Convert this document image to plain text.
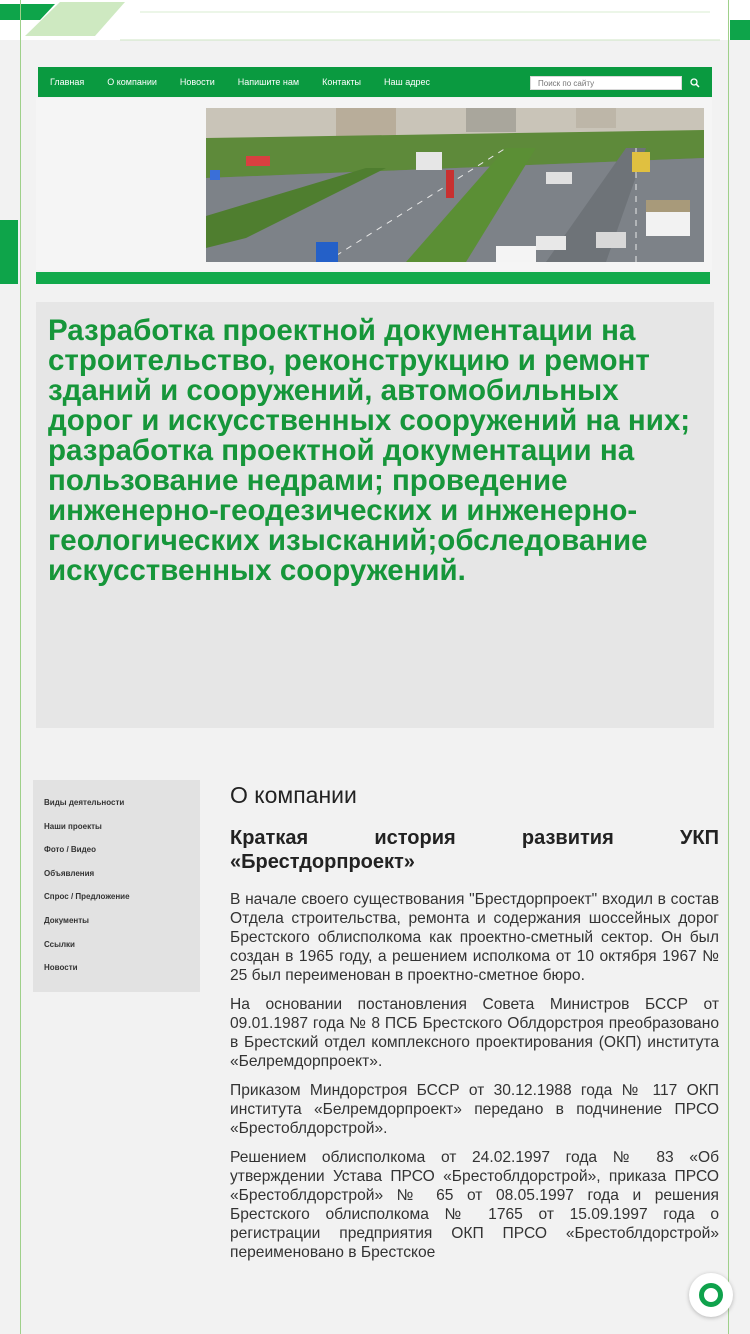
Главная	О компании	Новости	Напишите нам	Контакты	Наш адрес
Поиск по сайту
Разработка проектной документации на строительство, реконструкцию и ремонт зданий и сооружений, автомобильных дорог и искусственных сооружений на них; разработка проектной документации на пользование недрами; проведение инженерно-геодезических и инженерно-геологических изысканий;обследование искусственных сооружений.
Виды деятельности
Наши проекты
Фото / Видео
Объявления
Спрос / Предложение
Документы
Ссылки
Новости
О компании
Краткая история развития УКП
«Брестдорпроект»

В начале своего существования "Брестдорпроект" входил в состав Отдела строительства, ремонта и содержания шоссейных дорог Брестского облисполкома как проектно-сметный сектор. Он был создан в 1965 году, а решением исполкома от 10 октября 1967 № 25 был переименован в проектно-сметное бюро.

На основании постановления Совета Министров БССР от 09.01.1987 года № 8 ПСБ Брестского Облдорстроя преобразовано в Брестский отдел комплексного проектирования (ОКП) института «Белремдорпроект».

Приказом Миндорстроя БССР от 30.12.1988 года № 117 ОКП института «Белремдорпроект» передано в подчинение ПРСО «Брестоблдорстрой».

Решением облисполкома от 24.02.1997 года № 83 «Об утверждении Устава ПРСО «Брестоблдорстрой», приказа ПРСО «Брестоблдорстрой» № 65 от 08.05.1997 года и решения Брестского облисполкома № 1765 от 15.09.1997 года о регистрации предприятия ОКП ПРСО «Брестоблдорстрой» переименовано в Брестское
